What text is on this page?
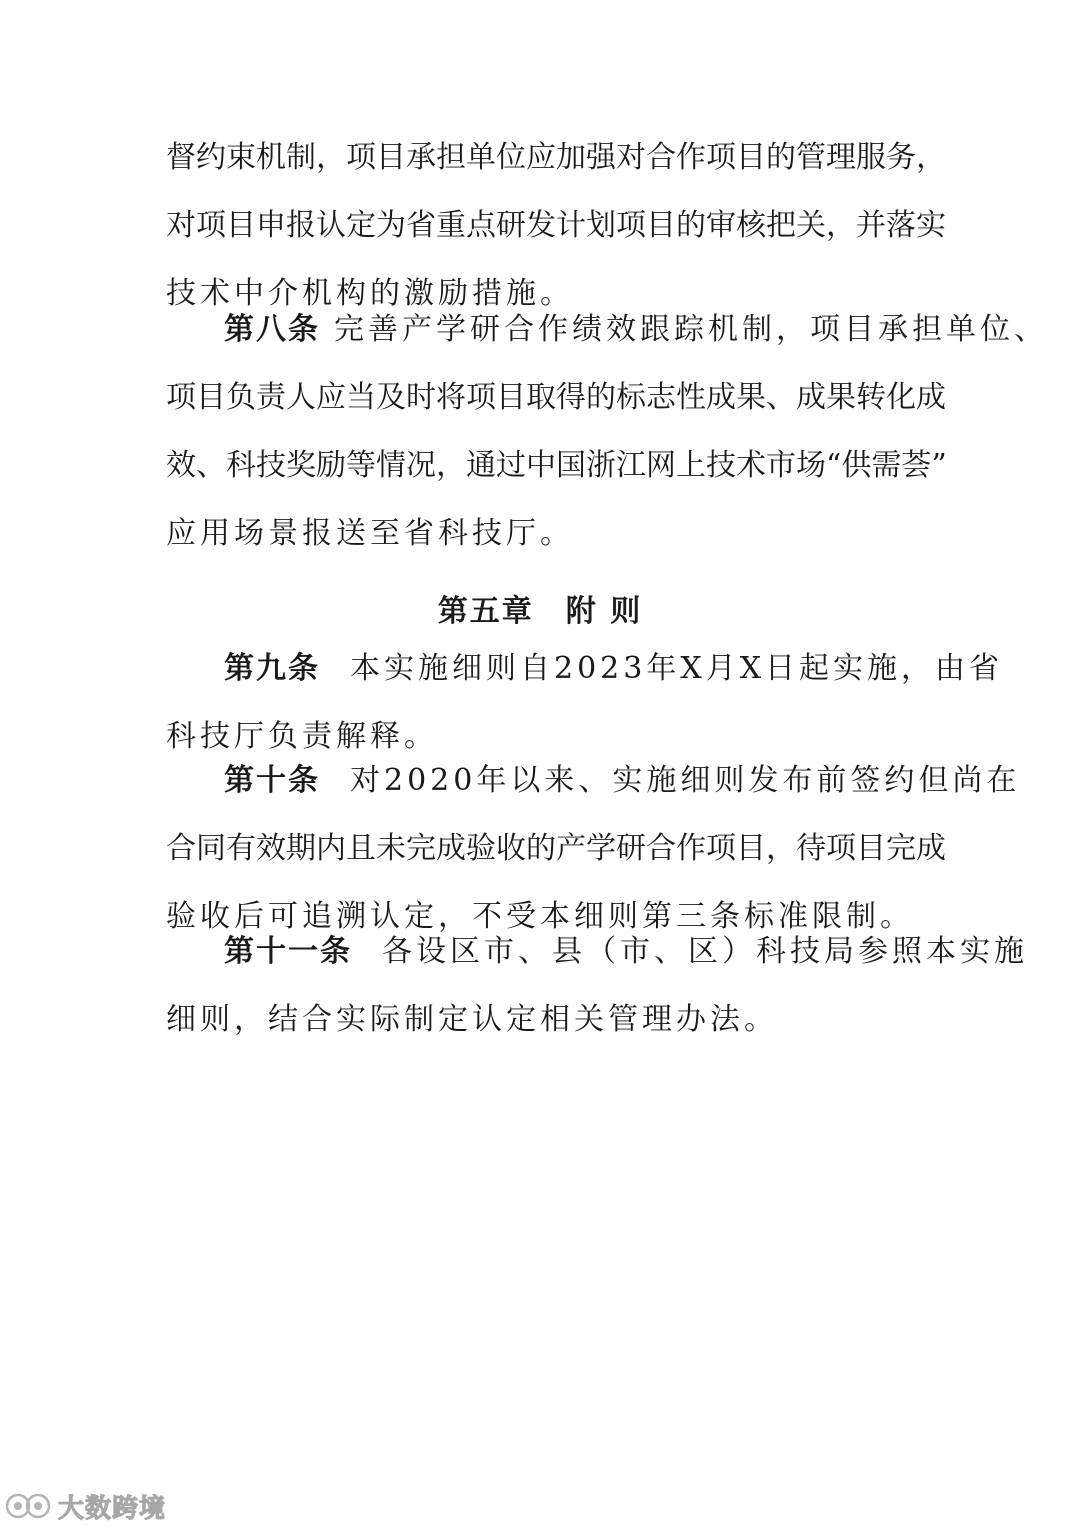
督约束机制，项目承担单位应加强对合作项目的管理服务，
对项目申报认定为省重点研发计划项目的审核把关，并落实
技术中介机构的激励措施。
第八条 完善产学研合作绩效跟踪机制，项目承担单位、
项目负责人应当及时将项目取得的标志性成果、成果转化成
效、科技奖励等情况，通过中国浙江网上技术市场“供需荟”
应用场景报送至省科技厅。
第五章　附 则
第九条 本实施细则自2023年X月X日起实施，由省
科技厅负责解释。
第十条 对2020年以来、实施细则发布前签约但尚在
合同有效期内且未完成验收的产学研合作项目，待项目完成
验收后可追溯认定，不受本细则第三条标准限制。
第十一条 各设区市、县（市、区）科技局参照本实施
细则，结合实际制定认定相关管理办法。
大数跨境
